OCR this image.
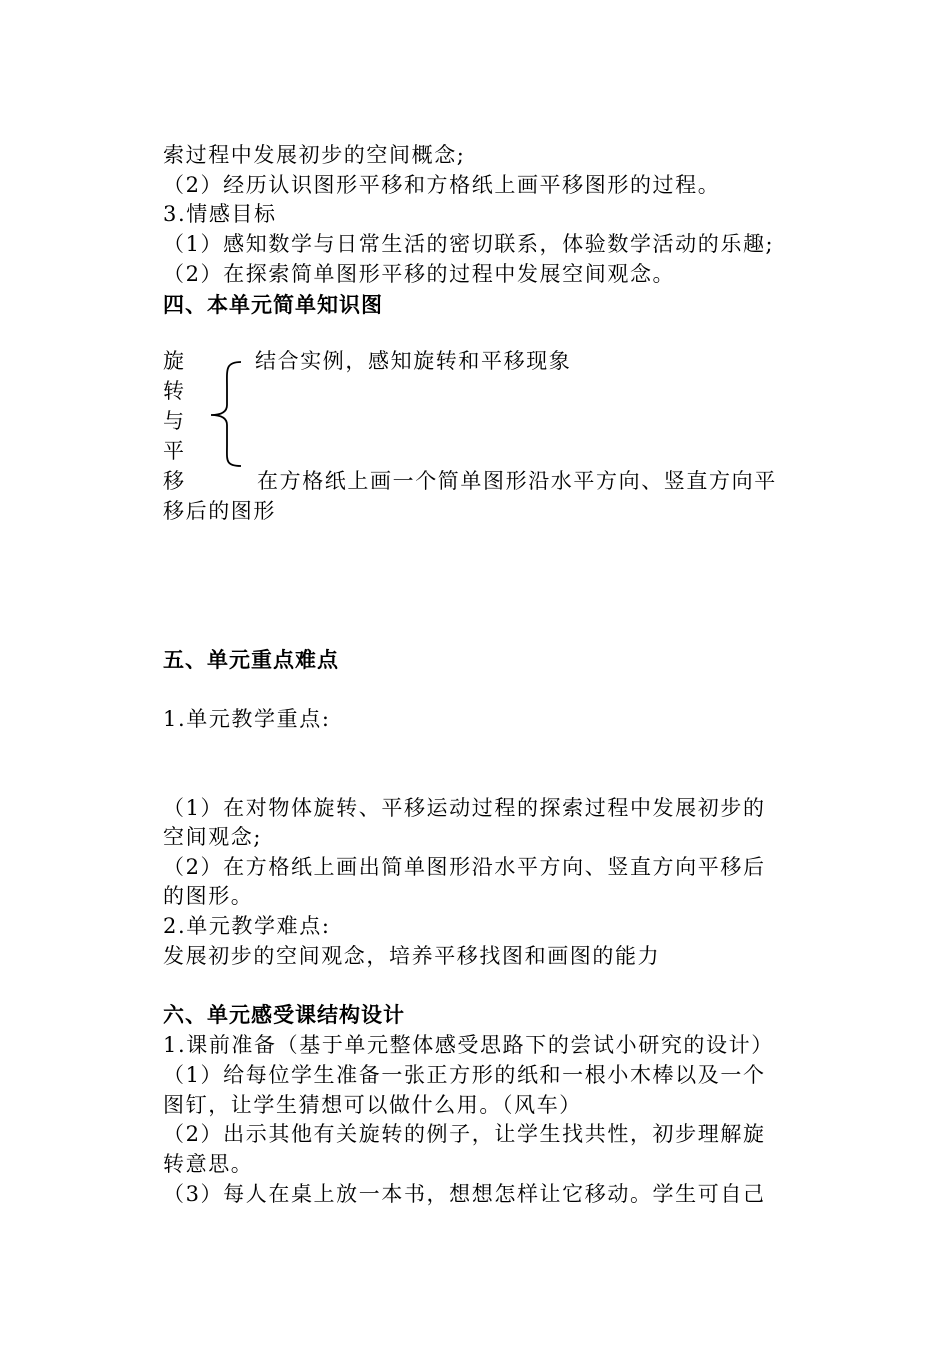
索过程中发展初步的空间概念;
（2）经历认识图形平移和方格纸上画平移图形的过程。
3.情感目标
（1）感知数学与日常生活的密切联系，体验数学活动的乐趣;
（2）在探索简单图形平移的过程中发展空间观念。
四、本单元简单知识图
旋
转
与
平
移
结合实例，感知旋转和平移现象
在方格纸上画一个简单图形沿水平方向、竖直方向平
移后的图形
五、单元重点难点
1.单元教学重点:
（1）在对物体旋转、平移运动过程的探索过程中发展初步的
空间观念;
（2）在方格纸上画出简单图形沿水平方向、竖直方向平移后
的图形。
2.单元教学难点:
发展初步的空间观念，培养平移找图和画图的能力
六、单元感受课结构设计
1.课前准备（基于单元整体感受思路下的尝试小研究的设计）
（1）给每位学生准备一张正方形的纸和一根小木棒以及一个
图钉，让学生猜想可以做什么用。（风车）
（2）出示其他有关旋转的例子，让学生找共性，初步理解旋
转意思。
（3）每人在桌上放一本书，想想怎样让它移动。学生可自己
